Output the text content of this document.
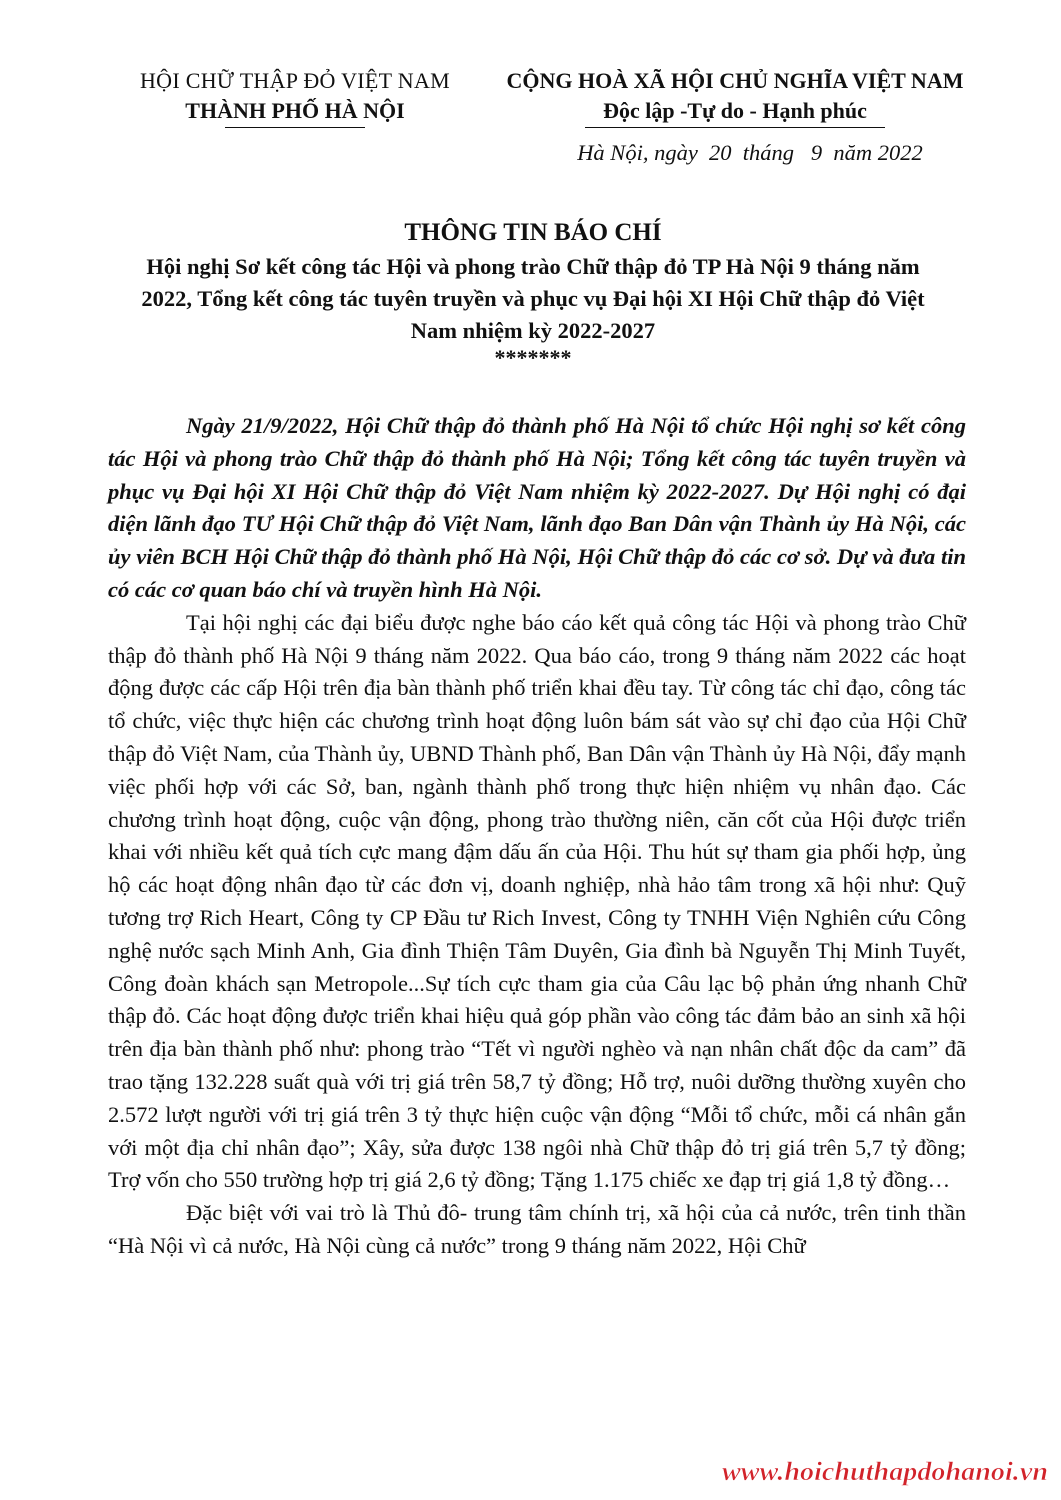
HỘI CHỮ THẬP ĐỎ VIỆT NAM
THÀNH PHỐ HÀ NỘI
CỘNG HOÀ XÃ HỘI CHỦ NGHĨA VIỆT NAM
Độc lập -Tự do - Hạnh phúc
Hà Nội, ngày  20  tháng   9  năm 2022
THÔNG TIN BÁO CHÍ
Hội nghị Sơ kết công tác Hội và phong trào Chữ thập đỏ TP Hà Nội 9 tháng năm 2022, Tổng kết công tác tuyên truyền và phục vụ Đại hội XI Hội Chữ thập đỏ Việt Nam nhiệm kỳ 2022-2027
*******

Ngày 21/9/2022, Hội Chữ thập đỏ thành phố Hà Nội tổ chức Hội nghị sơ kết công tác Hội và phong trào Chữ thập đỏ thành phố Hà Nội; Tổng kết công tác tuyên truyền và phục vụ Đại hội XI Hội Chữ thập đỏ Việt Nam nhiệm kỳ 2022-2027. Dự Hội nghị có đại diện lãnh đạo TƯ Hội Chữ thập đỏ Việt Nam, lãnh đạo Ban Dân vận Thành ủy Hà Nội, các ủy viên BCH Hội Chữ thập đỏ thành phố Hà Nội, Hội Chữ thập đỏ các cơ sở. Dự và đưa tin có các cơ quan báo chí và truyền hình Hà Nội.

Tại hội nghị các đại biểu được nghe báo cáo kết quả công tác Hội và phong trào Chữ thập đỏ thành phố Hà Nội 9 tháng năm 2022. Qua báo cáo, trong 9 tháng năm 2022 các hoạt động được các cấp Hội trên địa bàn thành phố triển khai đều tay. Từ công tác chỉ đạo, công tác tổ chức, việc thực hiện các chương trình hoạt động luôn bám sát vào sự chỉ đạo của Hội Chữ thập đỏ Việt Nam, của Thành ủy, UBND Thành phố, Ban Dân vận Thành ủy Hà Nội, đẩy mạnh việc phối hợp với các Sở, ban, ngành thành phố trong thực hiện nhiệm vụ nhân đạo. Các chương trình hoạt động, cuộc vận động, phong trào thường niên, căn cốt của Hội được triển khai với nhiều kết quả tích cực mang đậm dấu ấn của Hội. Thu hút sự tham gia phối hợp, ủng hộ các hoạt động nhân đạo từ các đơn vị, doanh nghiệp, nhà hảo tâm trong xã hội như: Quỹ tương trợ Rich Heart, Công ty CP Đầu tư Rich Invest, Công ty TNHH Viện Nghiên cứu Công nghệ nước sạch Minh Anh, Gia đình Thiện Tâm Duyên, Gia đình bà Nguyễn Thị Minh Tuyết, Công đoàn khách sạn Metropole...Sự tích cực tham gia của Câu lạc bộ phản ứng nhanh Chữ thập đỏ. Các hoạt động được triển khai hiệu quả góp phần vào công tác đảm bảo an sinh xã hội trên địa bàn thành phố như: phong trào “Tết vì người nghèo và nạn nhân chất độc da cam” đã trao tặng 132.228 suất quà với trị giá trên 58,7 tỷ đồng; Hỗ trợ, nuôi dưỡng thường xuyên cho 2.572 lượt người với trị giá trên 3 tỷ thực hiện cuộc vận động “Mỗi tổ chức, mỗi cá nhân gắn với một địa chỉ nhân đạo”; Xây, sửa được 138 ngôi nhà Chữ thập đỏ trị giá trên 5,7 tỷ đồng; Trợ vốn cho 550 trường hợp trị giá 2,6 tỷ đồng; Tặng 1.175 chiếc xe đạp trị giá 1,8 tỷ đồng…

Đặc biệt với vai trò là Thủ đô- trung tâm chính trị, xã hội của cả nước, trên tinh thần “Hà Nội vì cả nước, Hà Nội cùng cả nước” trong 9 tháng năm 2022, Hội Chữ

www.hoichuthapdohanoi.vn
